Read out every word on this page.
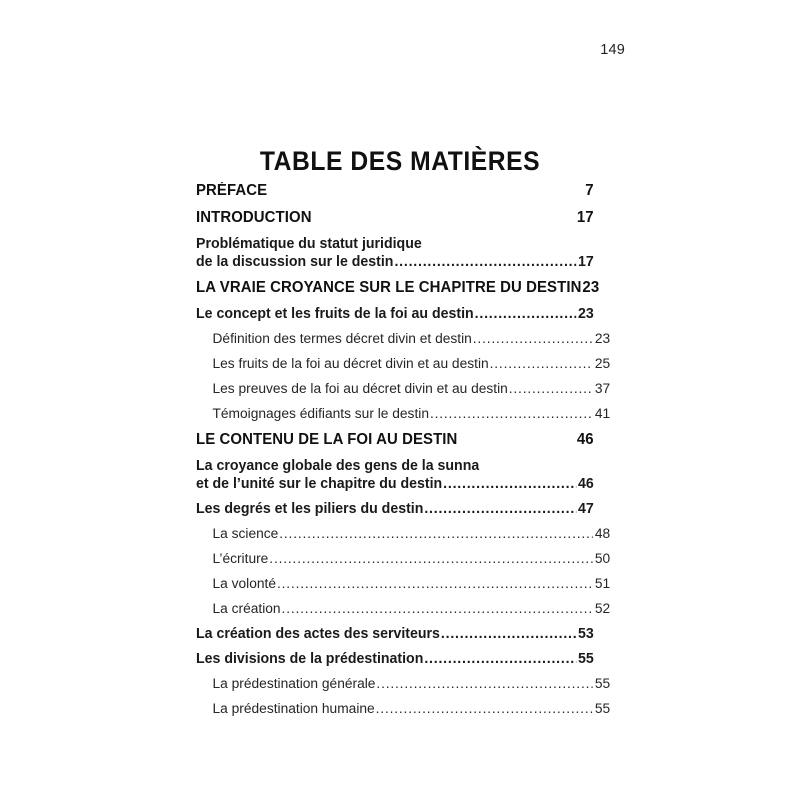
149
TABLE DES MATIÈRES
PRÉFACE	7
INTRODUCTION	17
Problématique du statut juridique
de la discussion sur le destin .....	17
LA VRAIE CROYANCE SUR LE CHAPITRE DU DESTIN 23
Le concept et les fruits de la foi au destin .....	23
Définition des termes décret divin et destin .....	23
Les fruits de la foi au décret divin et au destin .....	25
Les preuves de la foi au décret divin et au destin .....	37
Témoignages édifiants sur le destin .....	41
LE CONTENU DE LA FOI AU DESTIN	46
La croyance globale des gens de la sunna
et de l’unité sur le chapitre du destin .....	46
Les degrés et les piliers du destin .....	47
La science .....	48
L’écriture .....	50
La volonté .....	51
La création .....	52
La création des actes des serviteurs .....	53
Les divisions de la prédestination .....	55
La prédestination générale .....	55
La prédestination humaine .....	55
